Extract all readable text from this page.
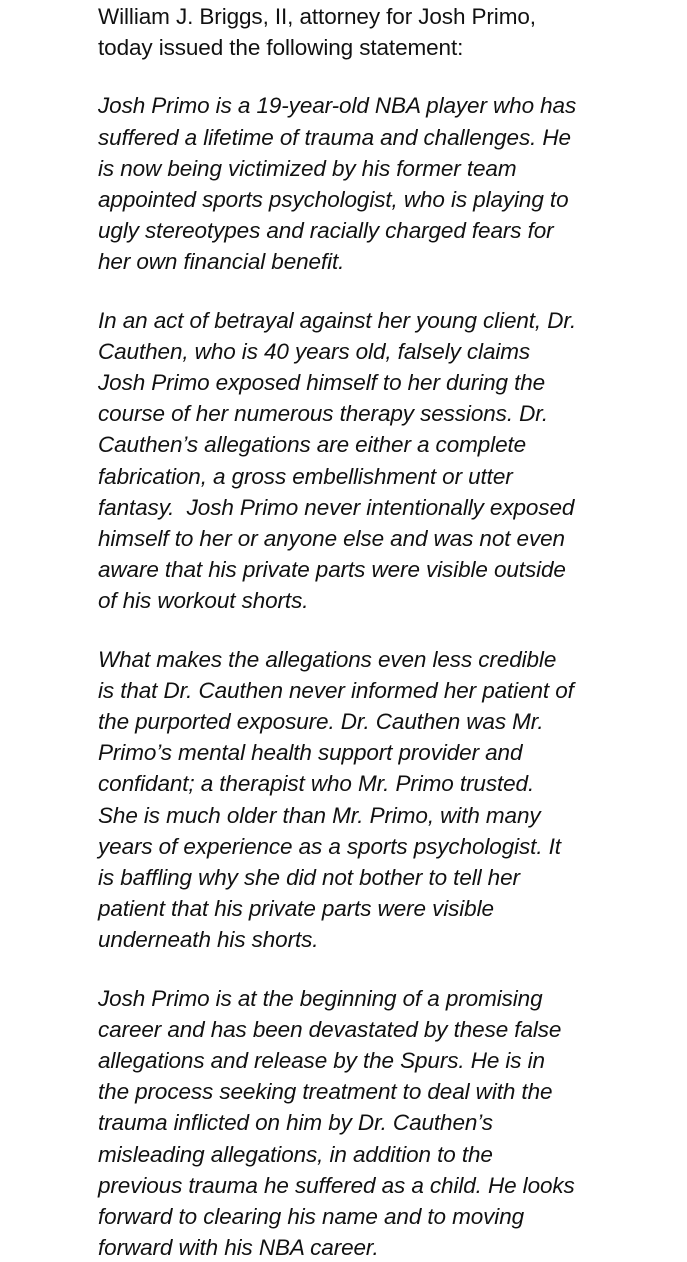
William J. Briggs, II, attorney for Josh Primo,
today issued the following statement:
Josh Primo is a 19-year-old NBA player who has
suffered a lifetime of trauma and challenges. He
is now being victimized by his former team
appointed sports psychologist, who is playing to
ugly stereotypes and racially charged fears for
her own financial benefit.
In an act of betrayal against her young client, Dr.
Cauthen, who is 40 years old, falsely claims
Josh Primo exposed himself to her during the
course of her numerous therapy sessions. Dr.
Cauthen’s allegations are either a complete
fabrication, a gross embellishment or utter
fantasy.  Josh Primo never intentionally exposed
himself to her or anyone else and was not even
aware that his private parts were visible outside
of his workout shorts.
What makes the allegations even less credible
is that Dr. Cauthen never informed her patient of
the purported exposure. Dr. Cauthen was Mr.
Primo’s mental health support provider and
confidant; a therapist who Mr. Primo trusted.
She is much older than Mr. Primo, with many
years of experience as a sports psychologist. It
is baffling why she did not bother to tell her
patient that his private parts were visible
underneath his shorts.
Josh Primo is at the beginning of a promising
career and has been devastated by these false
allegations and release by the Spurs. He is in
the process seeking treatment to deal with the
trauma inflicted on him by Dr. Cauthen’s
misleading allegations, in addition to the
previous trauma he suffered as a child. He looks
forward to clearing his name and to moving
forward with his NBA career.
